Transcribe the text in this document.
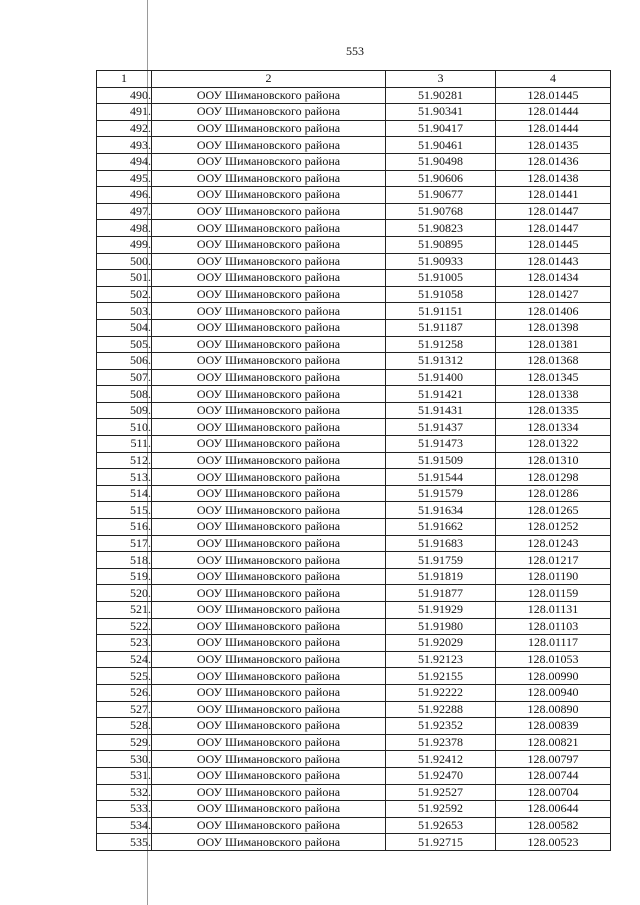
553
1	2	3	4
490.	ООУ Шимановского района	51.90281	128.01445
491.	ООУ Шимановского района	51.90341	128.01444
492.	ООУ Шимановского района	51.90417	128.01444
493.	ООУ Шимановского района	51.90461	128.01435
494.	ООУ Шимановского района	51.90498	128.01436
495.	ООУ Шимановского района	51.90606	128.01438
496.	ООУ Шимановского района	51.90677	128.01441
497.	ООУ Шимановского района	51.90768	128.01447
498.	ООУ Шимановского района	51.90823	128.01447
499.	ООУ Шимановского района	51.90895	128.01445
500.	ООУ Шимановского района	51.90933	128.01443
501.	ООУ Шимановского района	51.91005	128.01434
502.	ООУ Шимановского района	51.91058	128.01427
503.	ООУ Шимановского района	51.91151	128.01406
504.	ООУ Шимановского района	51.91187	128.01398
505.	ООУ Шимановского района	51.91258	128.01381
506.	ООУ Шимановского района	51.91312	128.01368
507.	ООУ Шимановского района	51.91400	128.01345
508.	ООУ Шимановского района	51.91421	128.01338
509.	ООУ Шимановского района	51.91431	128.01335
510.	ООУ Шимановского района	51.91437	128.01334
511.	ООУ Шимановского района	51.91473	128.01322
512.	ООУ Шимановского района	51.91509	128.01310
513.	ООУ Шимановского района	51.91544	128.01298
514.	ООУ Шимановского района	51.91579	128.01286
515.	ООУ Шимановского района	51.91634	128.01265
516.	ООУ Шимановского района	51.91662	128.01252
517.	ООУ Шимановского района	51.91683	128.01243
518.	ООУ Шимановского района	51.91759	128.01217
519.	ООУ Шимановского района	51.91819	128.01190
520.	ООУ Шимановского района	51.91877	128.01159
521.	ООУ Шимановского района	51.91929	128.01131
522.	ООУ Шимановского района	51.91980	128.01103
523.	ООУ Шимановского района	51.92029	128.01117
524.	ООУ Шимановского района	51.92123	128.01053
525.	ООУ Шимановского района	51.92155	128.00990
526.	ООУ Шимановского района	51.92222	128.00940
527.	ООУ Шимановского района	51.92288	128.00890
528.	ООУ Шимановского района	51.92352	128.00839
529.	ООУ Шимановского района	51.92378	128.00821
530.	ООУ Шимановского района	51.92412	128.00797
531.	ООУ Шимановского района	51.92470	128.00744
532.	ООУ Шимановского района	51.92527	128.00704
533.	ООУ Шимановского района	51.92592	128.00644
534.	ООУ Шимановского района	51.92653	128.00582
535.	ООУ Шимановского района	51.92715	128.00523
